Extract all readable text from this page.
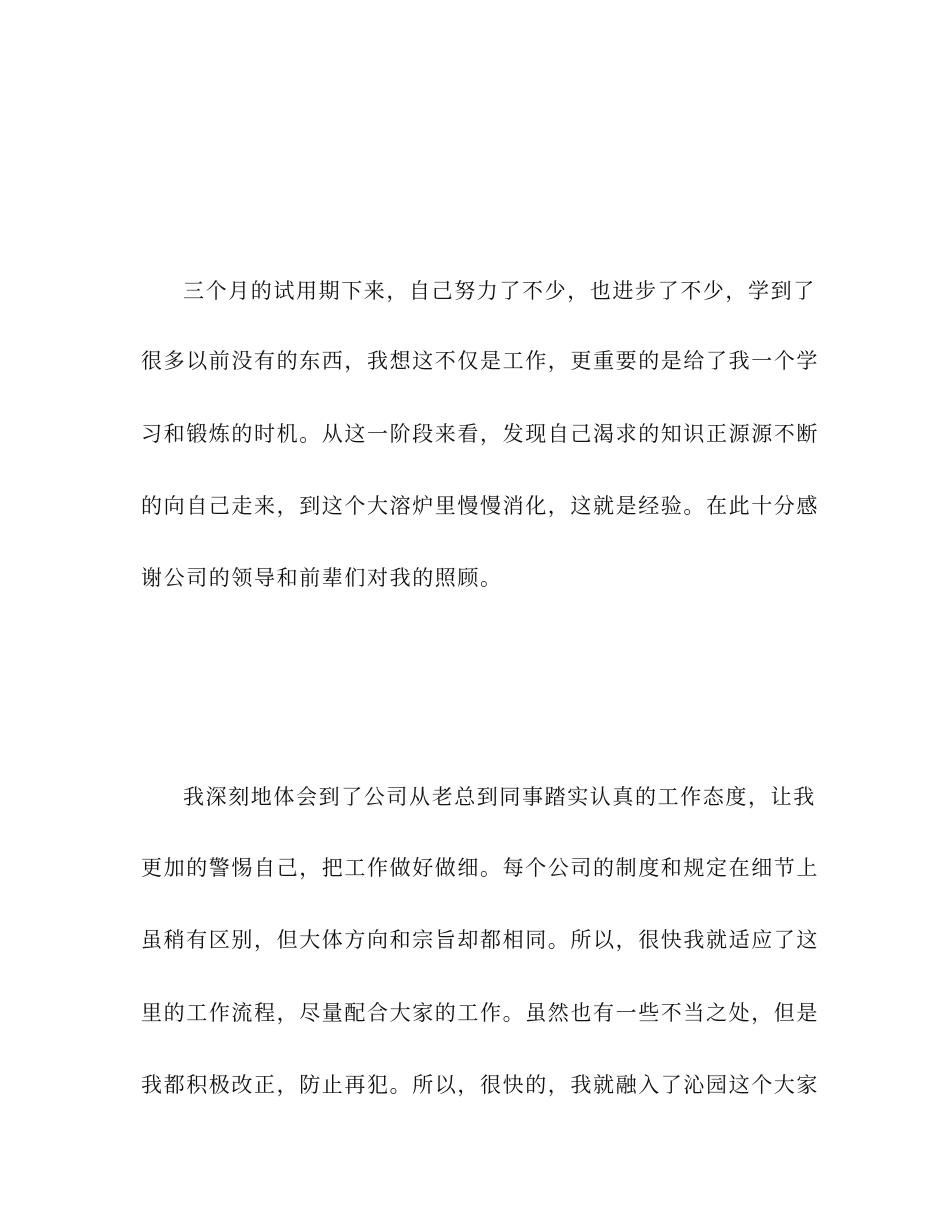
三个月的试用期下来，自己努力了不少，也进步了不少，学到了
很多以前没有的东西，我想这不仅是工作，更重要的是给了我一个学
习和锻炼的时机。从这一阶段来看，发现自己渴求的知识正源源不断
的向自己走来，到这个大溶炉里慢慢消化，这就是经验。在此十分感
谢公司的领导和前辈们对我的照顾。
我深刻地体会到了公司从老总到同事踏实认真的工作态度，让我
更加的警惕自己，把工作做好做细。每个公司的制度和规定在细节上
虽稍有区别，但大体方向和宗旨却都相同。所以，很快我就适应了这
里的工作流程，尽量配合大家的工作。虽然也有一些不当之处，但是
我都积极改正，防止再犯。所以，很快的，我就融入了沁园这个大家
